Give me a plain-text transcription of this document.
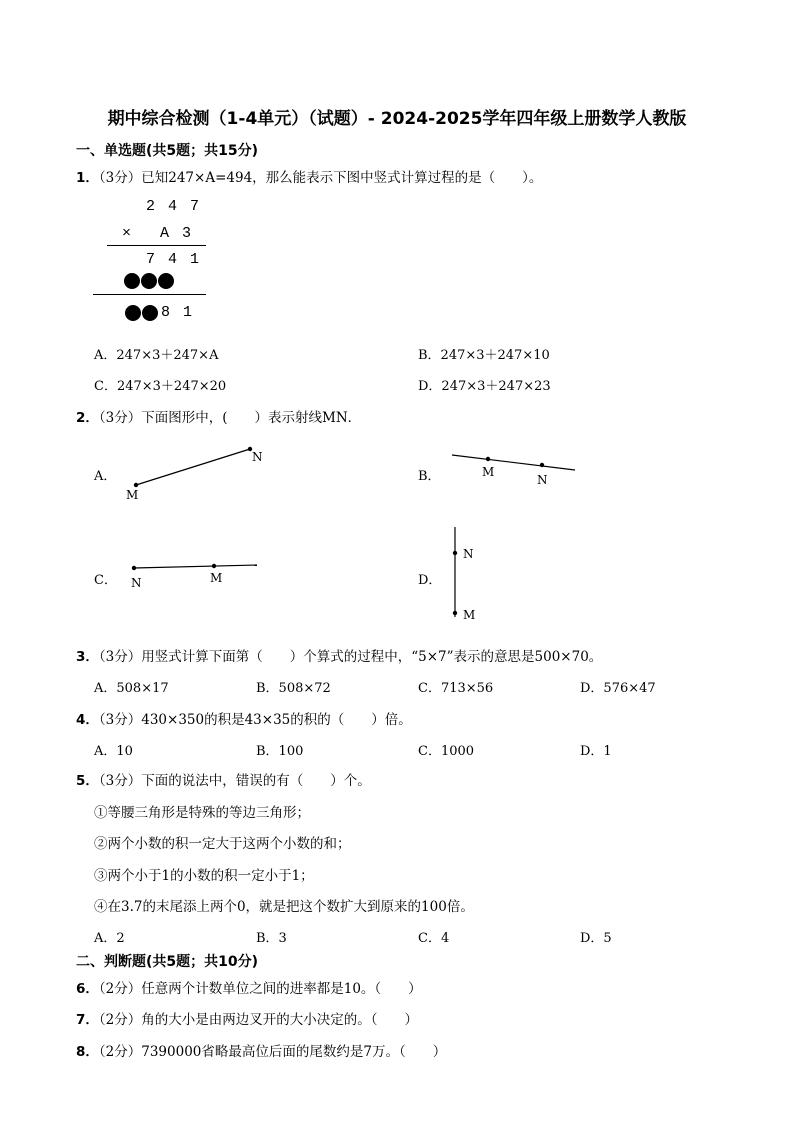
期中综合检测（1-4单元）（试题）- 2024-2025学年四年级上册数学人教版
一、单选题(共5题；共15分)
1．（3分）已知247×A=494，那么能表示下图中竖式计算过程的是（　　）。
2 4 7
× A 3
7 4 1
8 1
A．247×3＋247×A	B．247×3＋247×10
C．247×3＋247×20	D．247×3＋247×23
2．（3分）下面图形中，(　　）表示射线MN．
A．	B．
C．	D．
M
N
M
N
N	M
N
M
3．（3分）用竖式计算下面第（　　）个算式的过程中，“5×7”表示的意思是500×70。
A．508×17	B．508×72	C．713×56	D．576×47
4．（3分）430×350的积是43×35的积的（　　）倍。
A．10	B．100	C．1000	D．1
5．（3分）下面的说法中，错误的有（　　）个。
①等腰三角形是特殊的等边三角形；
②两个小数的积一定大于这两个小数的和；
③两个小于1的小数的积一定小于1；
④在3.7的末尾添上两个0，就是把这个数扩大到原来的100倍。
A．2	B．3	C．4	D．5
二、判断题(共5题；共10分)
6．（2分）任意两个计数单位之间的进率都是10。（　　）
7．（2分）角的大小是由两边叉开的大小决定的。（　　）
8．（2分）7390000省略最高位后面的尾数约是7万。（　　）
